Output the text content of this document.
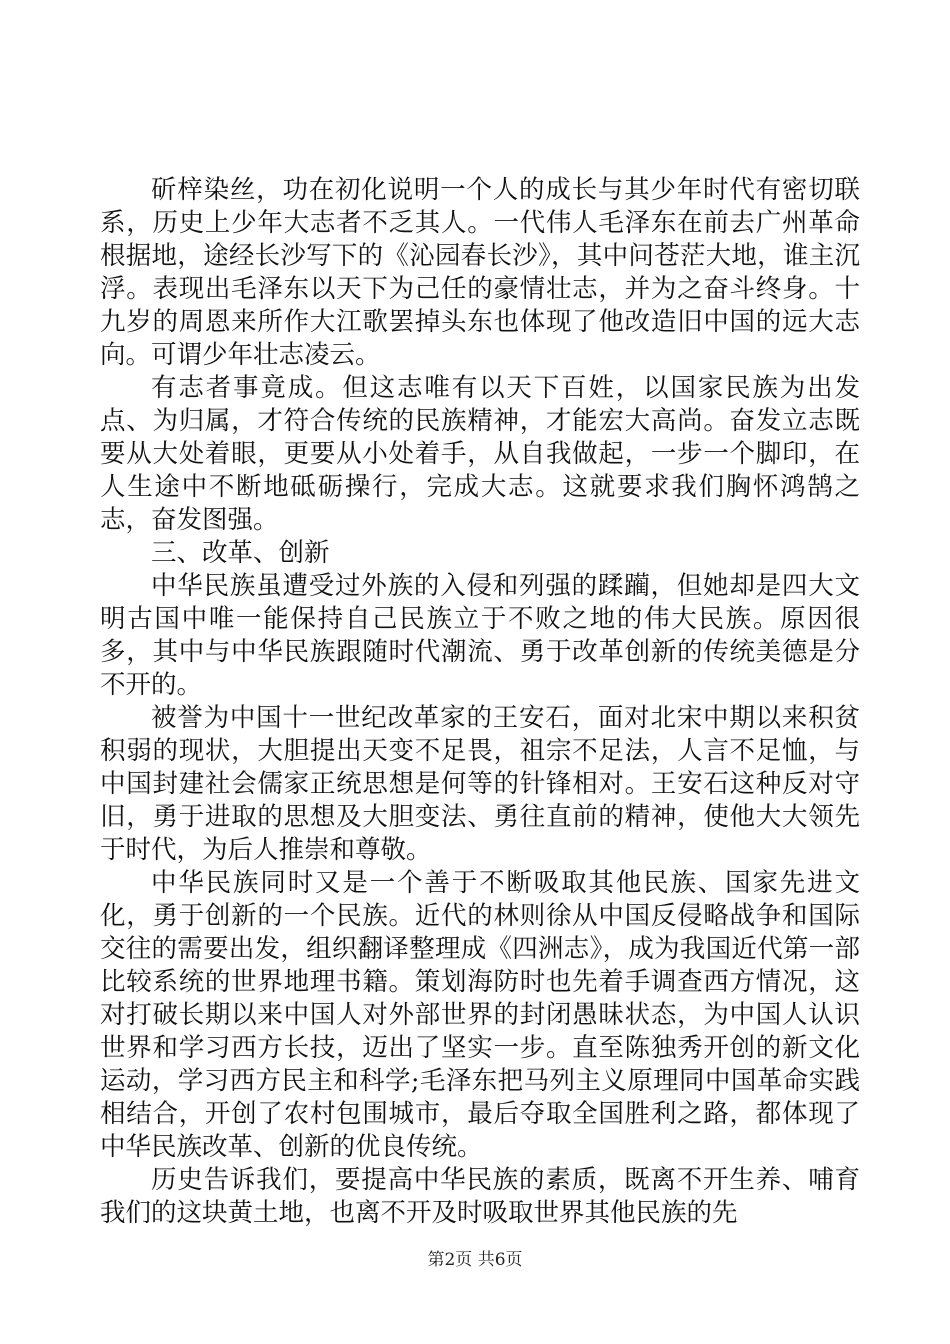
斫梓染丝，功在初化说明一个人的成长与其少年时代有密切联系，历史上少年大志者不乏其人。一代伟人毛泽东在前去广州革命根据地，途经长沙写下的《沁园春长沙》，其中问苍茫大地，谁主沉浮。表现出毛泽东以天下为己任的豪情壮志，并为之奋斗终身。十九岁的周恩来所作大江歌罢掉头东也体现了他改造旧中国的远大志向。可谓少年壮志凌云。

有志者事竟成。但这志唯有以天下百姓，以国家民族为出发点、为归属，才符合传统的民族精神，才能宏大高尚。奋发立志既要从大处着眼，更要从小处着手，从自我做起，一步一个脚印，在人生途中不断地砥砺操行，完成大志。这就要求我们胸怀鸿鹄之志，奋发图强。

三、改革、创新

中华民族虽遭受过外族的入侵和列强的蹂躏，但她却是四大文明古国中唯一能保持自己民族立于不败之地的伟大民族。原因很多，其中与中华民族跟随时代潮流、勇于改革创新的传统美德是分不开的。

被誉为中国十一世纪改革家的王安石，面对北宋中期以来积贫积弱的现状，大胆提出天变不足畏，祖宗不足法，人言不足恤，与中国封建社会儒家正统思想是何等的针锋相对。王安石这种反对守旧，勇于进取的思想及大胆变法、勇往直前的精神，使他大大领先于时代，为后人推崇和尊敬。

中华民族同时又是一个善于不断吸取其他民族、国家先进文化，勇于创新的一个民族。近代的林则徐从中国反侵略战争和国际交往的需要出发，组织翻译整理成《四洲志》，成为我国近代第一部比较系统的世界地理书籍。策划海防时也先着手调查西方情况，这对打破长期以来中国人对外部世界的封闭愚昧状态，为中国人认识世界和学习西方长技，迈出了坚实一步。直至陈独秀开创的新文化运动，学习西方民主和科学;毛泽东把马列主义原理同中国革命实践相结合，开创了农村包围城市，最后夺取全国胜利之路，都体现了中华民族改革、创新的优良传统。

历史告诉我们，要提高中华民族的素质，既离不开生养、哺育我们的这块黄土地，也离不开及时吸取世界其他民族的先

第2页 共6页
